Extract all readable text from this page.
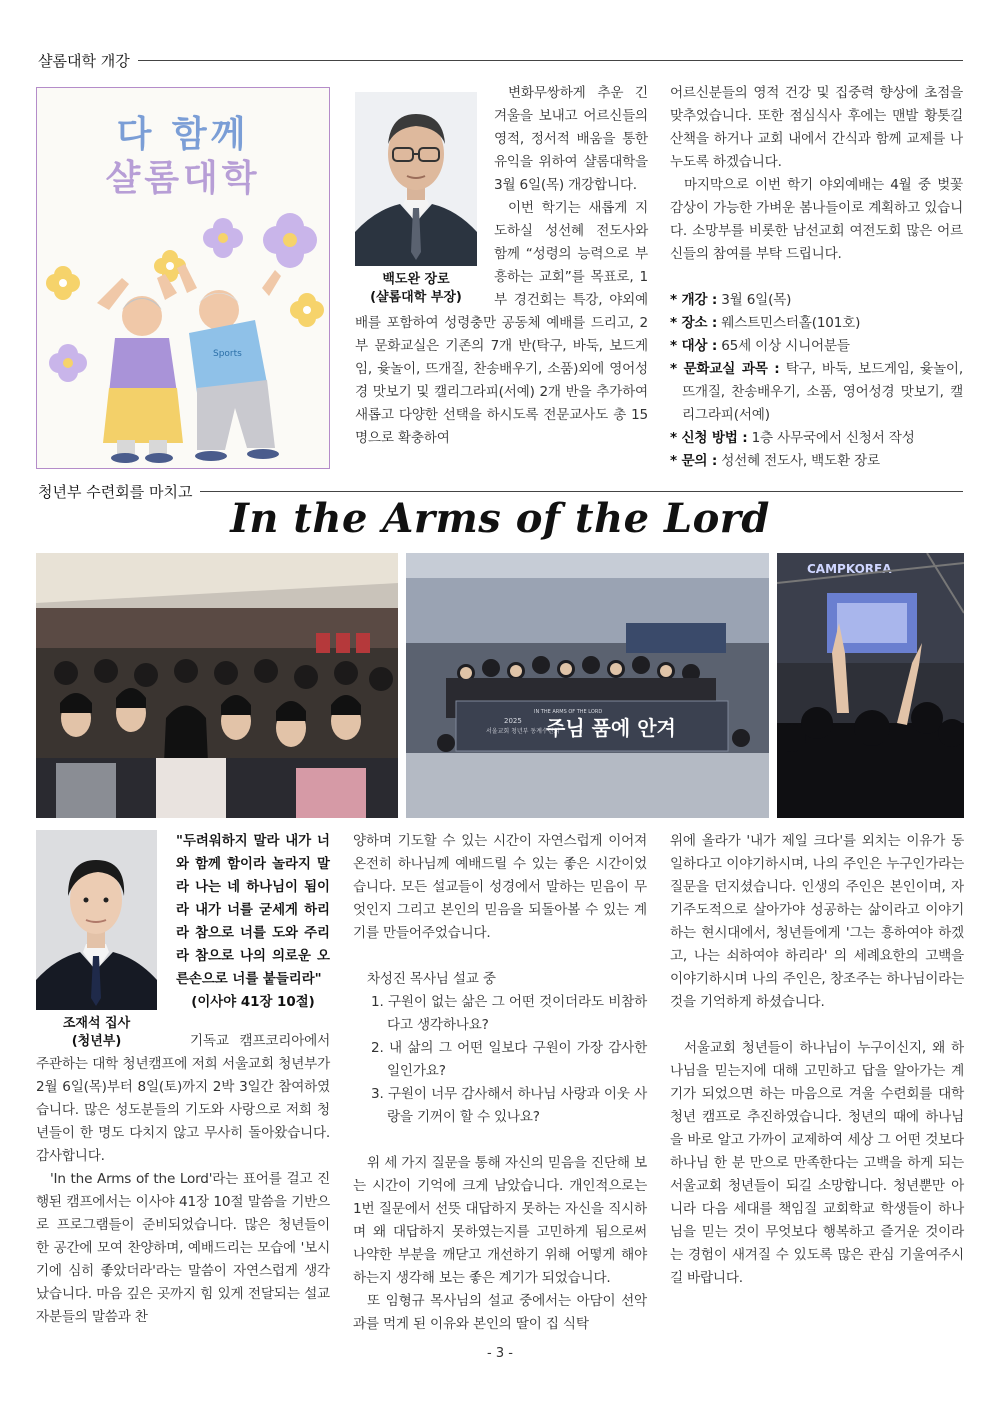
샬롬대학 개강
다 함께
샬롬대학
Sports
백도완 장로
(샬롬대학 부장)

변화무쌍하게 추운 긴 겨울을 보내고 어르신들의 영적, 정서적 배움을 통한 유익을 위하여 샬롬대학을 3월 6일(목) 개강합니다.

이번 학기는 새롭게 지도하실 성선혜 전도사와 함께 “성령의 능력으로 부흥하는 교회”를 목표로, 1부 경건회는 특강, 야외예배를 포함하여 성령충만 공동체 예배를 드리고, 2부 문화교실은 기존의 7개 반(탁구, 바둑, 보드게임, 윷놀이, 뜨개질, 찬송배우기, 소품)외에 영어성경 맛보기 및 캘리그라피(서예) 2개 반을 추가하여 새롭고 다양한 선택을 하시도록 전문교사도 총 15명으로 확충하여

어르신분들의 영적 건강 및 집중력 향상에 초점을 맞추었습니다. 또한 점심식사 후에는 맨발 황톳길 산책을 하거나 교회 내에서 간식과 함께 교제를 나누도록 하겠습니다.

마지막으로 이번 학기 야외예배는 4월 중 벚꽃 감상이 가능한 가벼운 봄나들이로 계획하고 있습니다. 소망부를 비롯한 남선교회 여전도회 많은 어르신들의 참여를 부탁 드립니다.

* 개강 : 3월 6일(목)
* 장소 : 웨스트민스터홀(101호)
* 대상 : 65세 이상 시니어분들
* 문화교실 과목 : 탁구, 바둑, 보드게임, 윷놀이, 뜨개질, 찬송배우기, 소품, 영어성경 맛보기, 캘리그라피(서예)
* 신청 방법 : 1층 사무국에서 신청서 작성
* 문의 : 성선혜 전도사, 백도환 장로
청년부 수련회를 마치고
In the Arms of the Lord
IN THE ARMS OF THE LORD
2025
서울교회 청년부 동계수련회
주님 품에 안겨
CAMPKOREA
조재석 집사
(청년부)
"두려워하지 말라 내가 너와 함께 함이라 놀라지 말라 나는 네 하나님이 됨이라 내가 너를 굳세게 하리라 참으로 너를 도와 주리라 참으로 나의 의로운 오른손으로 너를 붙들리라"
(이사야 41장 10절)

기독교 캠프코리아에서 주관하는 대학 청년캠프에 저희 서울교회 청년부가 2월 6일(목)부터 8일(토)까지 2박 3일간 참여하였습니다. 많은 성도분들의 기도와 사랑으로 저희 청년들이 한 명도 다치지 않고 무사히 돌아왔습니다. 감사합니다.

'In the Arms of the Lord'라는 표어를 걸고 진행된 캠프에서는 이사야 41장 10절 말씀을 기반으로 프로그램들이 준비되었습니다. 많은 청년들이 한 공간에 모여 찬양하며, 예배드리는 모습에 '보시기에 심히 좋았더라'라는 말씀이 자연스럽게 생각났습니다. 마음 깊은 곳까지 힘 있게 전달되는 설교자분들의 말씀과 찬

양하며 기도할 수 있는 시간이 자연스럽게 이어져 온전히 하나님께 예배드릴 수 있는 좋은 시간이었습니다. 모든 설교들이 성경에서 말하는 믿음이 무엇인지 그리고 본인의 믿음을 되돌아볼 수 있는 계기를 만들어주었습니다.

차성진 목사님 설교 중
1. 구원이 없는 삶은 그 어떤 것이더라도 비참하다고 생각하나요?
2. 내 삶의 그 어떤 일보다 구원이 가장 감사한 일인가요?
3. 구원이 너무 감사해서 하나님 사랑과 이웃 사랑을 기꺼이 할 수 있나요?

위 세 가지 질문을 통해 자신의 믿음을 진단해 보는 시간이 기억에 크게 남았습니다. 개인적으로는 1번 질문에서 선뜻 대답하지 못하는 자신을 직시하며 왜 대답하지 못하였는지를 고민하게 됨으로써 나약한 부분을 깨닫고 개선하기 위해 어떻게 해야 하는지 생각해 보는 좋은 계기가 되었습니다.

또 임형규 목사님의 설교 중에서는 아담이 선악과를 먹게 된 이유와 본인의 딸이 집 식탁

위에 올라가 '내가 제일 크다'를 외치는 이유가 동일하다고 이야기하시며, 나의 주인은 누구인가라는 질문을 던지셨습니다. 인생의 주인은 본인이며, 자기주도적으로 살아가야 성공하는 삶이라고 이야기하는 현시대에서, 청년들에게 '그는 흥하여야 하겠고, 나는 쇠하여야 하리라' 의 세례요한의 고백을 이야기하시며 나의 주인은, 창조주는 하나님이라는 것을 기억하게 하셨습니다.

서울교회 청년들이 하나님이 누구이신지, 왜 하나님을 믿는지에 대해 고민하고 답을 알아가는 계기가 되었으면 하는 마음으로 겨울 수련회를 대학 청년 캠프로 추진하였습니다. 청년의 때에 하나님을 바로 알고 가까이 교제하여 세상 그 어떤 것보다 하나님 한 분 만으로 만족한다는 고백을 하게 되는 서울교회 청년들이 되길 소망합니다. 청년뿐만 아니라 다음 세대를 책임질 교회학교 학생들이 하나님을 믿는 것이 무엇보다 행복하고 즐거운 것이라는 경험이 새겨질 수 있도록 많은 관심 기울여주시길 바랍니다.

- 3 -
